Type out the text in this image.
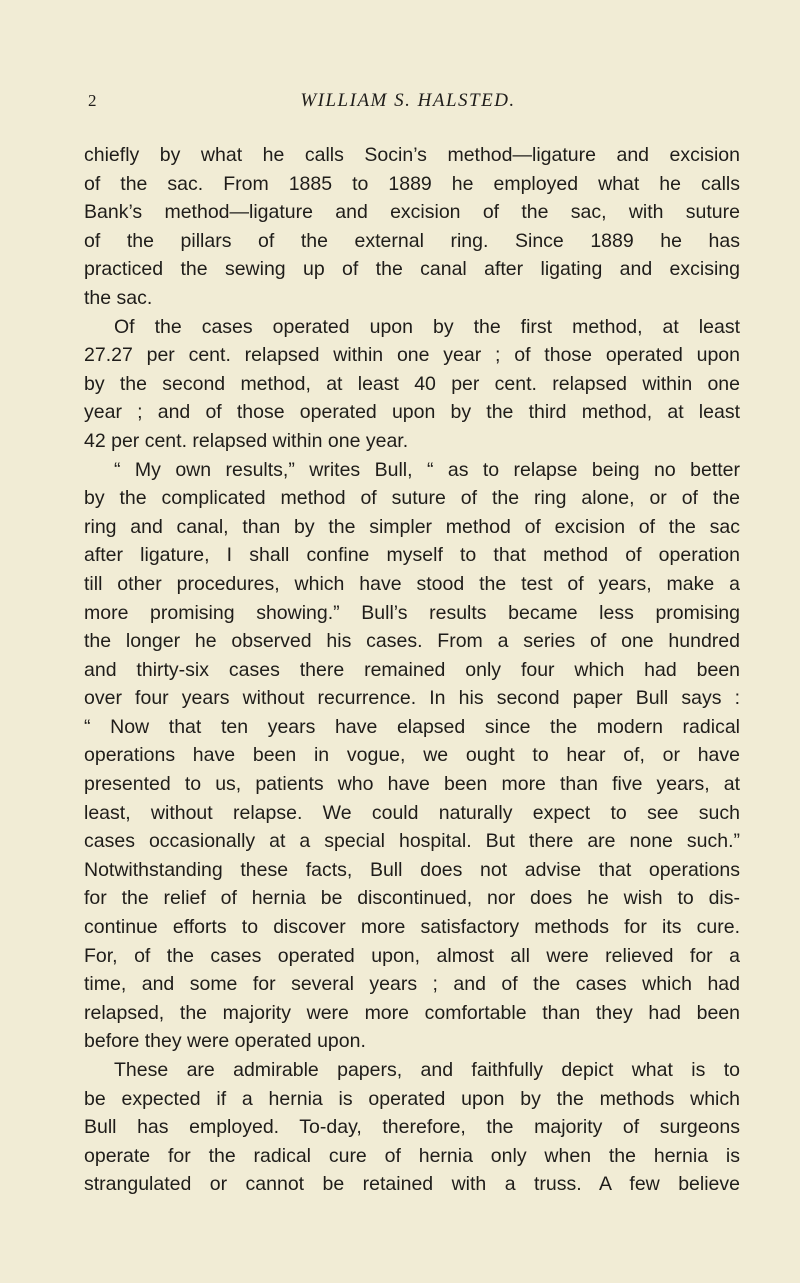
2	WILLIAM S. HALSTED.
chiefly by what he calls Socin’s method—ligature and excision
of the sac. From 1885 to 1889 he employed what he calls
Bank’s method—ligature and excision of the sac, with suture
of the pillars of the external ring. Since 1889 he has
practiced the sewing up of the canal after ligating and excising
the sac.
Of the cases operated upon by the first method, at least
27.27 per cent. relapsed within one year ; of those operated upon
by the second method, at least 40 per cent. relapsed within one
year ; and of those operated upon by the third method, at least
42 per cent. relapsed within one year.
“ My own results,” writes Bull, “ as to relapse being no better
by the complicated method of suture of the ring alone, or of the
ring and canal, than by the simpler method of excision of the sac
after ligature, I shall confine myself to that method of operation
till other procedures, which have stood the test of years, make a
more promising showing.” Bull’s results became less promising
the longer he observed his cases. From a series of one hundred
and thirty-six cases there remained only four which had been
over four years without recurrence. In his second paper Bull says :
“ Now that ten years have elapsed since the modern radical
operations have been in vogue, we ought to hear of, or have
presented to us, patients who have been more than five years, at
least, without relapse. We could naturally expect to see such
cases occasionally at a special hospital. But there are none such.”
Notwithstanding these facts, Bull does not advise that operations
for the relief of hernia be discontinued, nor does he wish to dis-
continue efforts to discover more satisfactory methods for its cure.
For, of the cases operated upon, almost all were relieved for a
time, and some for several years ; and of the cases which had
relapsed, the majority were more comfortable than they had been
before they were operated upon.
These are admirable papers, and faithfully depict what is to
be expected if a hernia is operated upon by the methods which
Bull has employed. To-day, therefore, the majority of surgeons
operate for the radical cure of hernia only when the hernia is
strangulated or cannot be retained with a truss. A few believe
